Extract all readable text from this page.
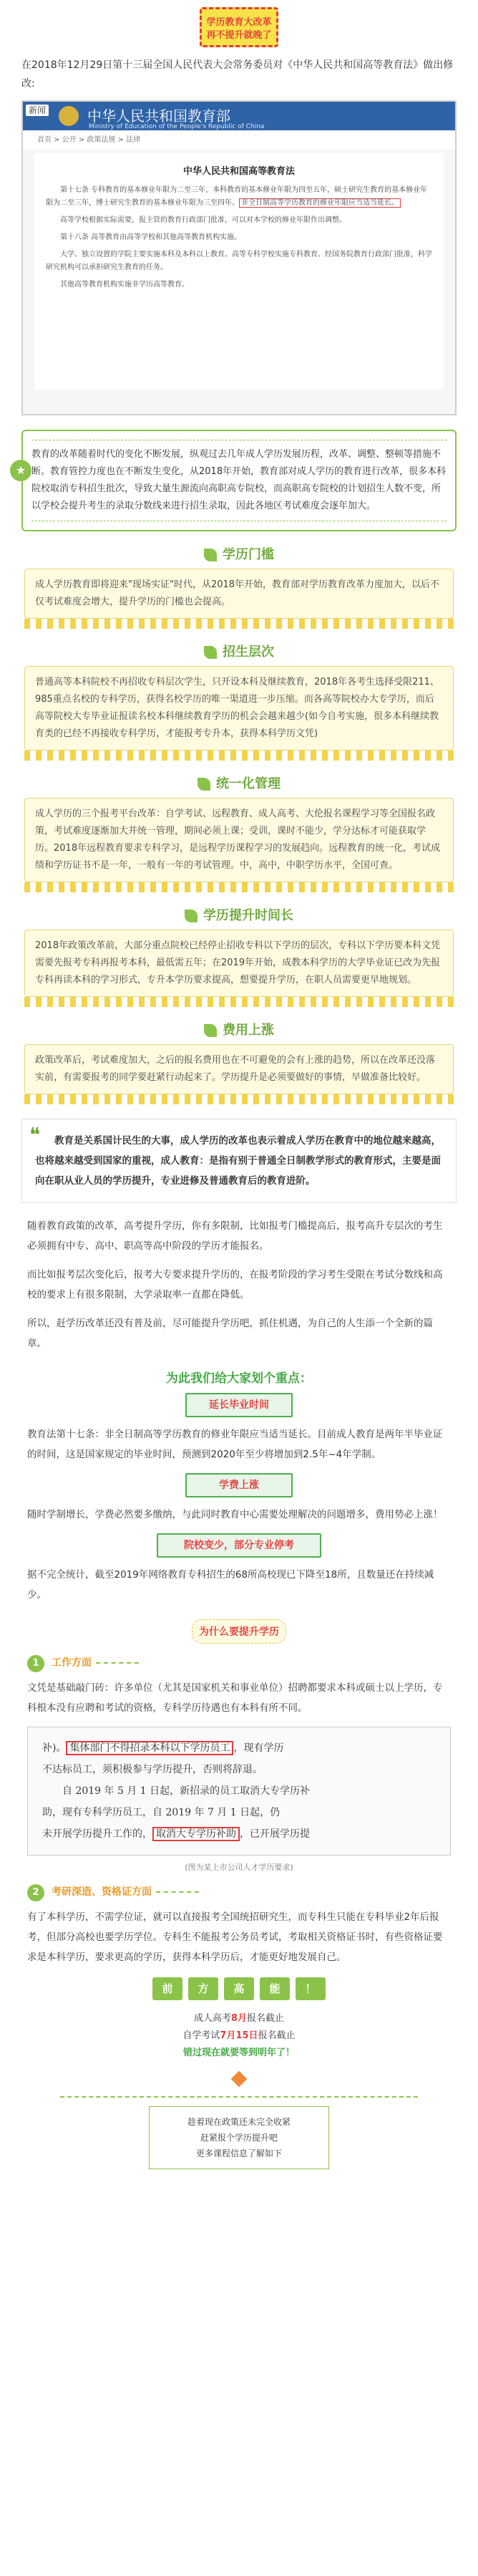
学历教育大改革
再不提升就晚了
在2018年12月29日第十三届全国人民代表大会常务委员对《中华人民共和国高等教育法》做出修改:
新闻	中华人民共和国教育部
Ministry of Education of the People's Republic of China
首页 > 公开 > 政策法规 > 法律
中华人民共和国高等教育法
第十七条 专科教育的基本修业年限为二至三年，本科教育的基本修业年限为四至五年，硕士研究生教育的基本修业年限为二至三年，博士研究生教育的基本修业年限为三至四年。 非全日制高等学历教育的修业年限应当适当延长。
高等学校根据实际需要，报主管的教育行政部门批准，可以对本学校的修业年限作出调整。
第十八条 高等教育由高等学校和其他高等教育机构实施。
大学、独立设置的学院主要实施本科及本科以上教育。高等专科学校实施专科教育。经国务院教育行政部门批准，科学研究机构可以承担研究生教育的任务。
其他高等教育机构实施非学历高等教育。
★
教育的改革随着时代的变化不断发展，纵观过去几年成人学历发展历程，改革、调整、整顿等措施不断。教育管控力度也在不断发生变化，从2018年开始，教育部对成人学历的教育进行改革，很多本科院校取消专科招生批次，导致大量生源流向高职高专院校，而高职高专院校的计划招生人数不变，所以学校会提升考生的录取分数线来进行招生录取，因此各地区考试难度会逐年加大。
学历门槛
成人学历教育即将迎来"现场实证"时代，从2018年开始，教育部对学历教育改革力度加大，以后不仅考试难度会增大，提升学历的门槛也会提高。
招生层次
普通高等本科院校不再招收专科层次学生，只开设本科及继续教育，2018年各考生选择受限211、985重点名校的专科学历，获得名校学历的唯一渠道进一步压缩。而各高等院校办大专学历，而后高等院校大专毕业证报读名校本科继续教育学历的机会会越来越少(如今自考实施，很多本科继续教育类的已经不再接收专科学历，才能报考专升本，获得本科学历文凭)
统一化管理
成人学历的三个报考平台改革：自学考试、远程教育、成人高考、大伦报名课程学习等全国报名政策，考试难度逐渐加大并统一管理，期间必须上课；受训，课时不能少，学分达标才可能获取学历。2018年远程教育要求专科学习，是远程学历课程学习的发展趋向。远程教育的统一化，考试成绩和学历证书不是一年，一般有一年的考试管理。中，高中，中职学历水平，全国可查。
学历提升时间长
2018年政策改革前，大部分重点院校已经停止招收专科以下学历的层次，专科以下学历要本科文凭需要先报考专科再报考本科，最低需五年；在2019年开始，成教本科学历的大学毕业证已改为先报专科再读本科的学习形式，专升本学历要求提高，想要提升学历，在职人员需要更早地规划。
费用上涨
政策改革后，考试难度加大，之后的报名费用也在不可避免的会有上涨的趋势，所以在改革还没落实前，有需要报考的同学要赶紧行动起来了。学历提升是必须要做好的事情，早做准备比较好。
❝	教育是关系国计民生的大事，成人学历的改革也表示着成人学历在教育中的地位越来越高，也将越来越受到国家的重视，成人教育：是指有别于普通全日制教学形式的教育形式，主要是面向在职从业人员的学历提升，专业进修及普通教育后的教育进阶。
随着教育政策的改革，高考提升学历，你有多限制，比如报考门槛提高后，报考高升专层次的考生必须拥有中专、高中、职高等高中阶段的学历才能报名。
而比如报考层次变化后，报考大专要求提升学历的，在报考阶段的学习考生受限在考试分数线和高校的要求上有很多限制，大学录取率一直都在降低。
所以，赶学历改革还没有普及前，尽可能提升学历吧，抓住机遇，为自己的人生添一个全新的篇章。
为此我们给大家划个重点：
延长毕业时间
教育法第十七条：非全日制高等学历教育的修业年限应当适当延长。目前成人教育是两年半毕业证的时间，这是国家规定的毕业时间，预测到2020年至少将增加到2.5年~4年学制。
学费上涨
随时学制增长，学费必然要多缴纳，与此同时教育中心需要处理解决的问题增多，费用势必上涨！
院校变少，部分专业停考
据不完全统计，截至2019年网络教育专科招生的68所高校现已下降至18所，且数量还在持续减少。
为什么要提升学历
1 工作方面
文凭是基础敲门砖：许多单位（尤其是国家机关和事业单位）招聘都要求本科或硕士以上学历，专科根本没有应聘和考试的资格，专科学历待遇也有本科有所不同。
补)。 集体部门不得招录本科以下学历员工 ，现有学历
不达标员工，须积极参与学历提升，否则将辞退。
自 2019 年 5 月 1 日起，新招录的员工取消大专学历补
助，现有专科学历员工，自 2019 年 7 月 1 日起，仍
未开展学历提升工作的， 取消大专学历补助 ，已开展学历提
(图为某上市公司人才学历要求)
2 考研深造、资格证方面
有了本科学历，不需学位证，就可以直接报考全国统招研究生，而专科生只能在专科毕业2年后报考，但部分高校也要学历学位。专科生不能报考公务员考试，考取相关资格证书时，有些资格证要求是本科学历，要求更高的学历，获得本科学历后，才能更好地发展自己。
前 方 高 能 ！
成人高考8月报名截止
自学考试7月15日报名截止
错过现在就要等到明年了！
趁着现在政策还未完全收紧
赶紧报个学历提升吧
更多课程信息了解如下
